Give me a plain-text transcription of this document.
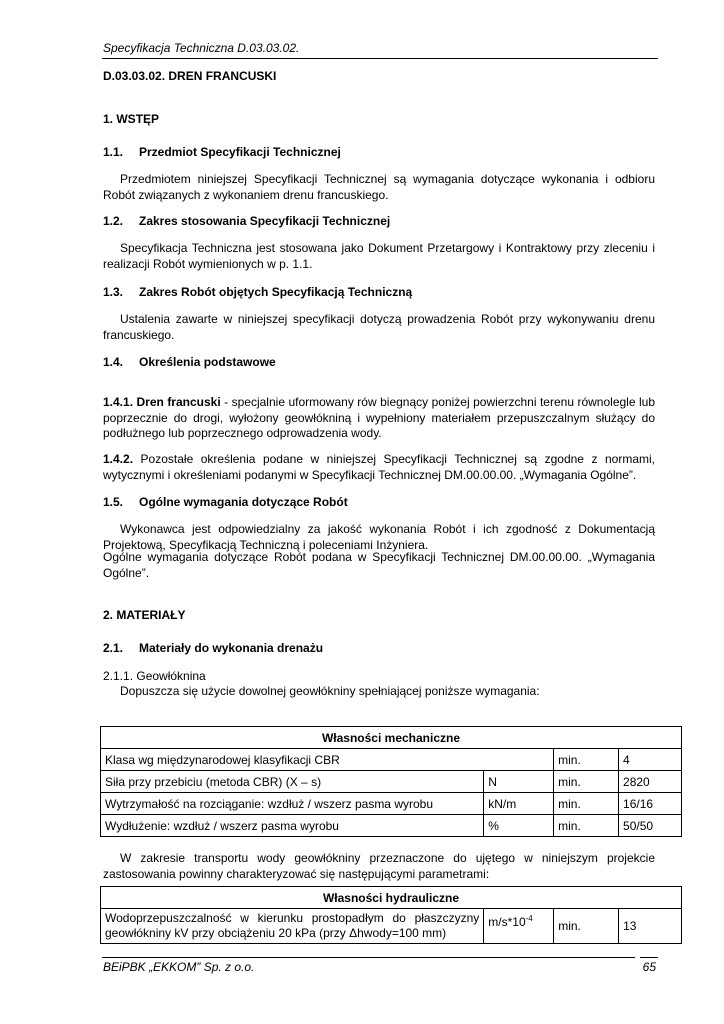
Specyfikacja Techniczna D.03.03.02.
D.03.03.02. DREN FRANCUSKI
1. WSTĘP
1.1. Przedmiot Specyfikacji Technicznej
Przedmiotem niniejszej Specyfikacji Technicznej są wymagania dotyczące wykonania i odbioru Robót związanych z wykonaniem drenu francuskiego.
1.2. Zakres stosowania Specyfikacji Technicznej
Specyfikacja Techniczna jest stosowana jako Dokument Przetargowy i Kontraktowy przy zleceniu i realizacji Robót wymienionych w p. 1.1.
1.3. Zakres Robót objętych Specyfikacją Techniczną
Ustalenia zawarte w niniejszej specyfikacji dotyczą prowadzenia Robót przy wykonywaniu drenu francuskiego.
1.4. Określenia podstawowe
1.4.1. Dren francuski - specjalnie uformowany rów biegnący poniżej powierzchni terenu równolegle lub poprzecznie do drogi, wyłożony geowłókniną i wypełniony materiałem przepuszczalnym służący do podłużnego lub poprzecznego odprowadzenia wody.
1.4.2. Pozostałe określenia podane w niniejszej Specyfikacji Technicznej są zgodne z normami, wytycznymi i określeniami podanymi w Specyfikacji Technicznej DM.00.00.00. „Wymagania Ogólne”.
1.5. Ogólne wymagania dotyczące Robót
Wykonawca jest odpowiedzialny za jakość wykonania Robót i ich zgodność z Dokumentacją Projektową, Specyfikacją Techniczną i poleceniami Inżyniera.
Ogólne wymagania dotyczące Robót podana w Specyfikacji Technicznej DM.00.00.00. „Wymagania Ogólne”.
2. MATERIAŁY
2.1. Materiały do wykonania drenażu
2.1.1. Geowłóknina
Dopuszcza się użycie dowolnej geowłókniny spełniającej poniższe wymagania:
Własności mechaniczne			
Klasa wg międzynarodowej klasyfikacji CBR		min.	4
Siła przy przebiciu (metoda CBR) (X – s)	N	min.	2820
Wytrzymałość na rozciąganie: wzdłuż / wszerz pasma wyrobu	kN/m	min.	16/16
Wydłużenie: wzdłuż / wszerz pasma wyrobu	%	min.	50/50
W zakresie transportu wody geowłókniny przeznaczone do ujętego w niniejszym projekcie zastosowania powinny charakteryzować się następującymi parametrami:
Własności hydrauliczne
Wodoprzepuszczalność w kierunku prostopadłym do płaszczyzny geowłókniny kV przy obciążeniu 20 kPa (przy Δhwody=100 mm)	$m/s*10^{-4}$	min.	13
BEiPBK „EKKOM” Sp. z o.o.	65
